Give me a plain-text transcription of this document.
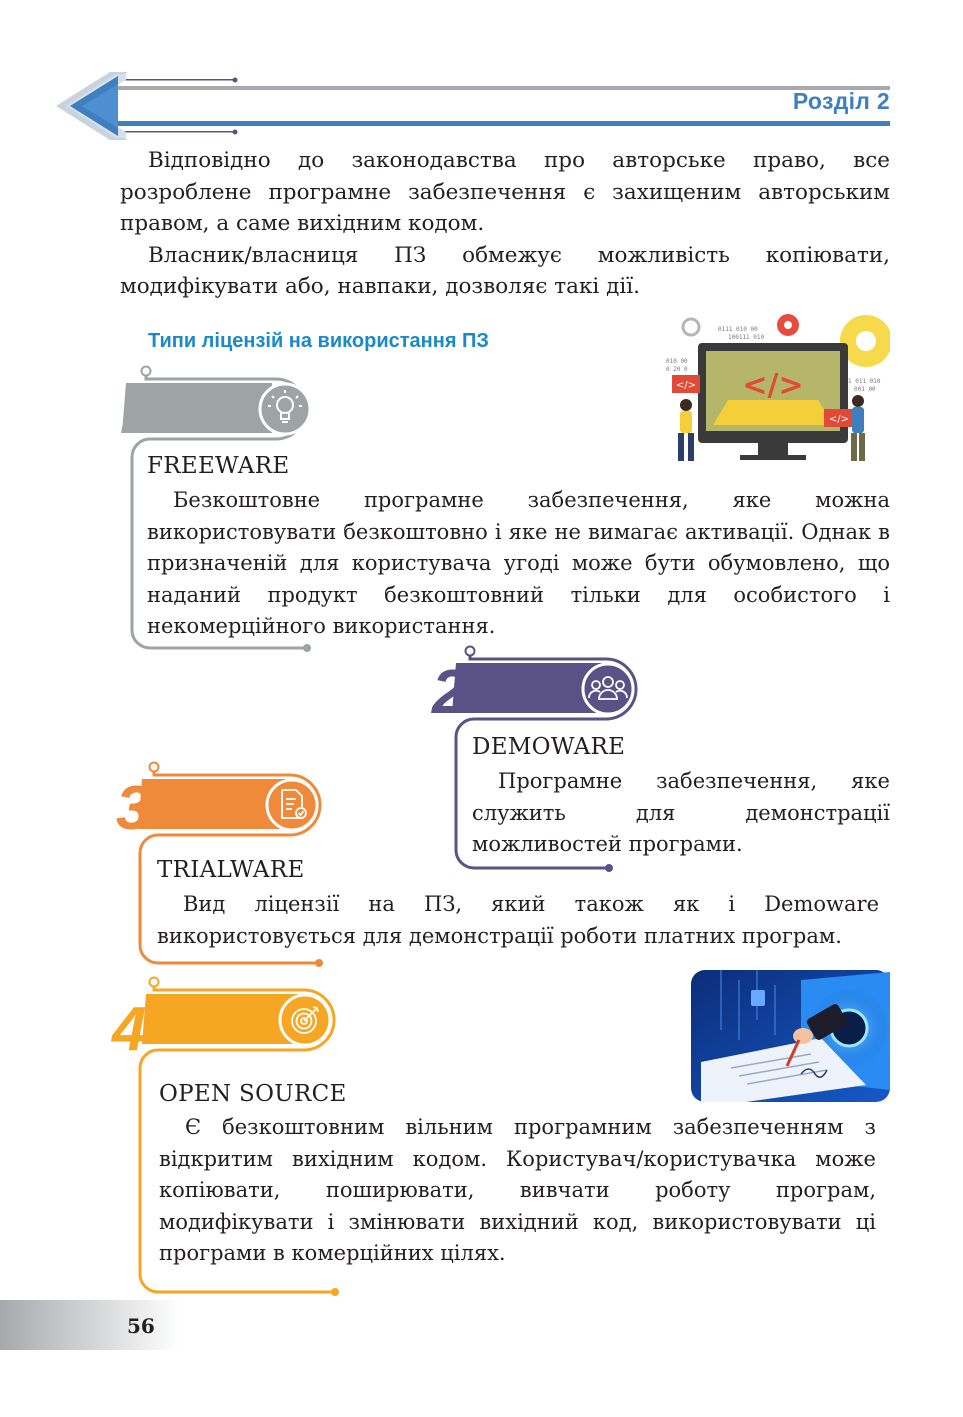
Розділ 2

Відповідно до законодавства про авторське право, все розроблене програмне забезпечення є захищеним авторським правом, а саме вихідним кодом.

Власник/власниця ПЗ обмежує можливість копіювати, модифікувати або, навпаки, дозволяє такі дії.

Типи ліцензій на використання ПЗ
1
2
3
4
FREEWARE

Безкоштовне програмне забезпечення, яке можна використовувати безкоштовно і яке не вимагає активації. Однак в призначеній для користувача угоді може бути обумовлено, що наданий продукт безкоштовний тільки для особистого і некомерційного використання.

DEMOWARE

Програмне забезпечення, яке служить для демонстрації можливостей програми.

TRIALWARE

Вид ліцензії на ПЗ, який також як і Demoware використовується для демонстрації роботи платних програм.

OPEN SOURCE

Є безкоштовним вільним програмним забезпеченням з відкритим вихідним кодом. Користувач/користувачка може копіювати, поширювати, вивчати роботу програм, модифікувати і змінювати вихідний код, використовувати ці програми в комерційних цілях.

0111 010 00
100111 010
010 00
0 20 0
1 011 010
001 00
</>
</>
</>
56
